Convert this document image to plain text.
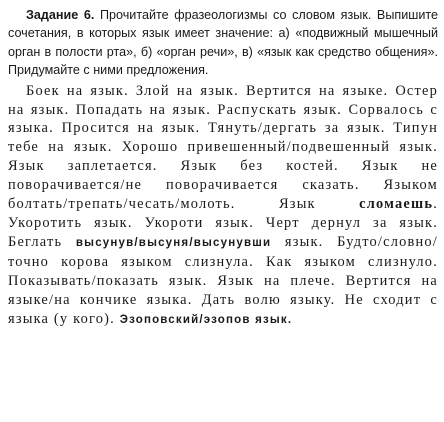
Задание 6. Прочитайте фразеологизмы со словом язык. Выпишите сочетания, в которых язык имеет значение: а) «подвижный мышечный орган в полости рта», б) «орган речи», в) «язык как средство общения». Придумайте с ними предложения.

Боек на язык. Злой на язык. Вертится на языке. Остер на язык. Попадать на язык. Распускать язык. Сорвалось с языка. Просится на язык. Тянуть/дергать за язык. Типун тебе на язык. Хорошо привешенный/подвешенный язык. Язык заплетается. Язык без костей. Язык не поворачивается/не поворачивается сказать. Языком болтать/трепать/чесать/молоть. Язык сломаешь. Укоротить язык. Укороти язык. Черт дернул за язык. Беглать высунув/высуня/высунувши язык. Будто/словно/точно корова языком слизнула. Как языком слизнуло. Показывать/показать язык. Язык на плече. Вертится на языке/на кончике языка. Дать волю языку. Не сходит с языка (у кого). Эзоповский/эзопов язык.
